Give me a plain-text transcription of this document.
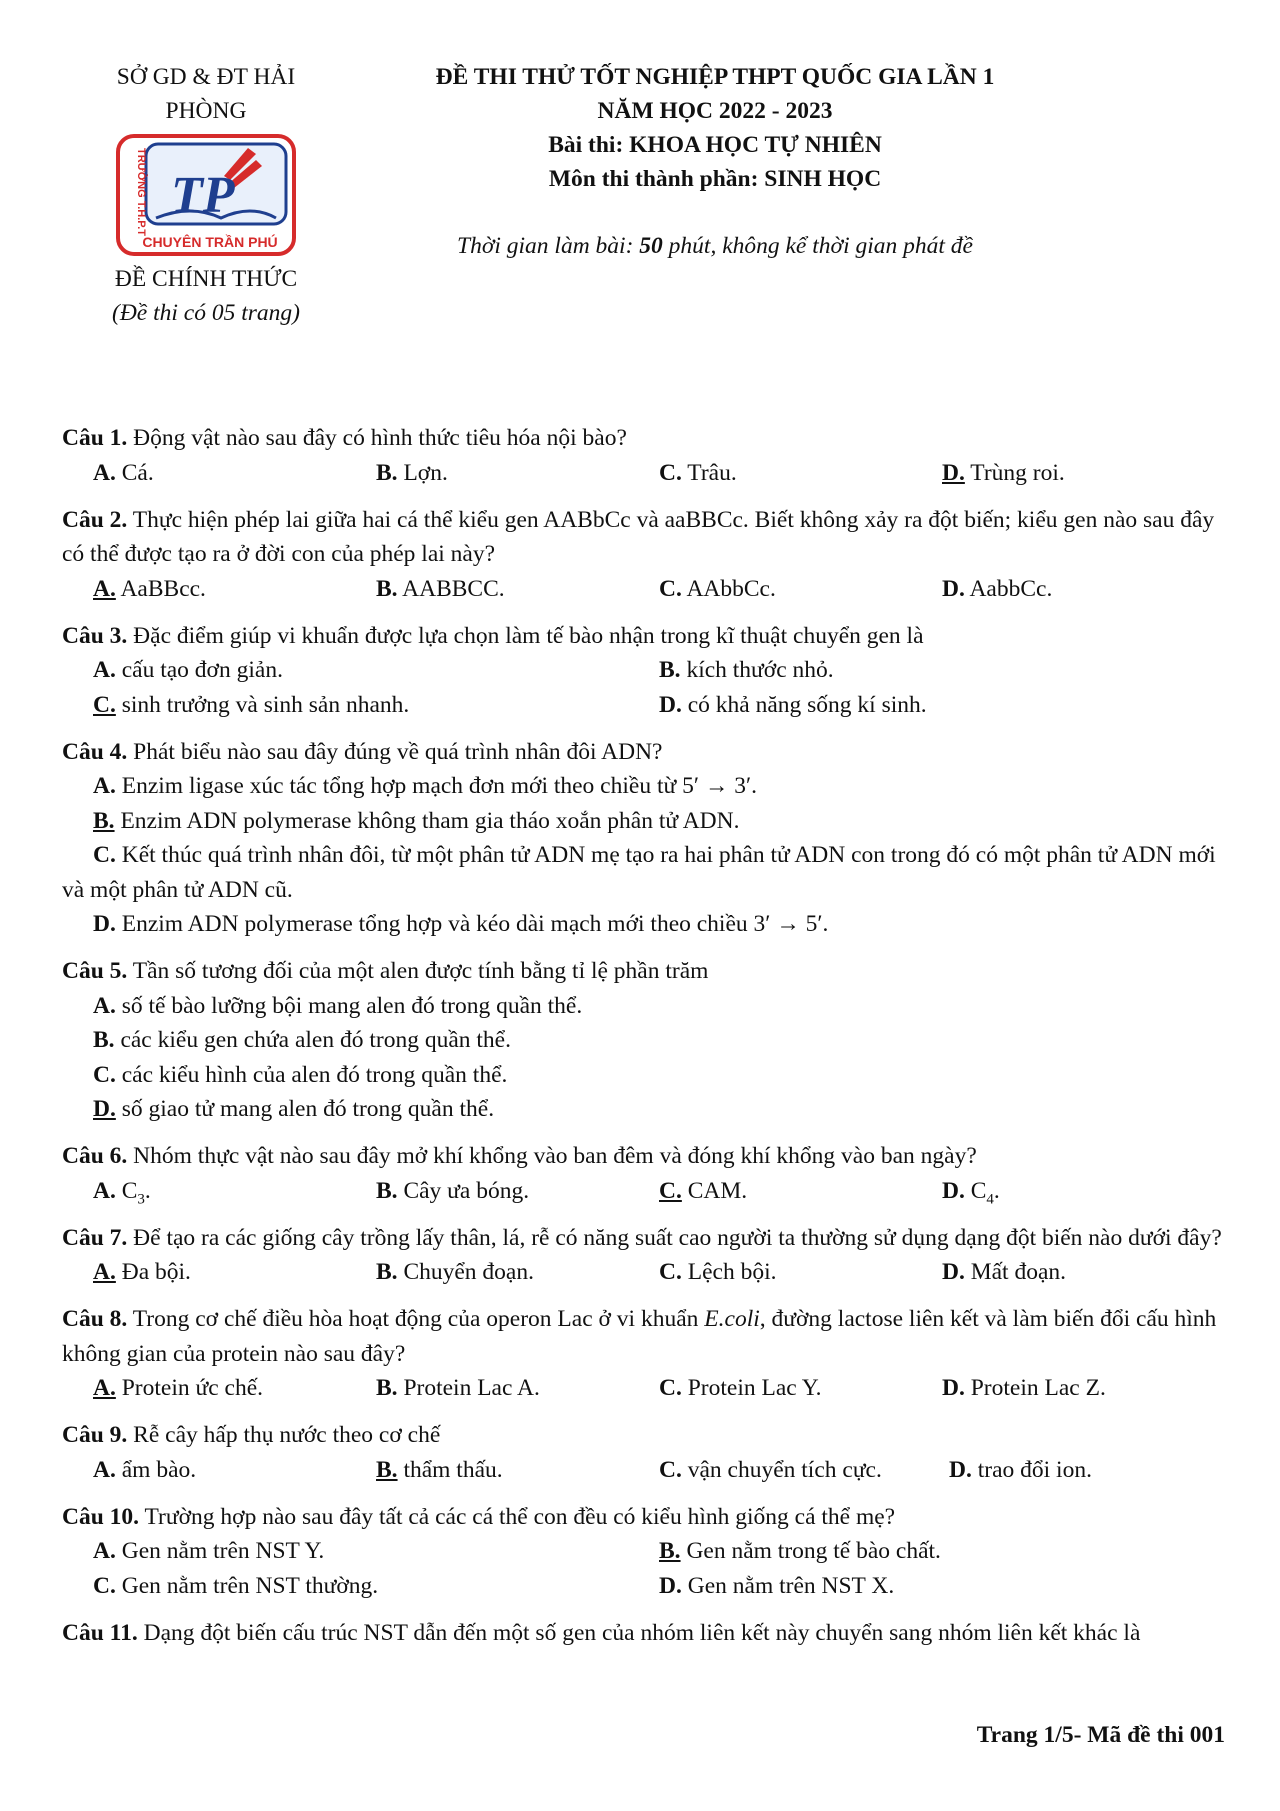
SỞ GD & ĐT HẢI
PHÒNG
TP
CHUYÊN TRẦN PHÚ
TRƯỜNG T.H.P.T
ĐỀ CHÍNH THỨC
(Đề thi có 05 trang)
ĐỀ THI THỬ TỐT NGHIỆP THPT QUỐC GIA LẦN 1
NĂM HỌC 2022 - 2023
Bài thi: KHOA HỌC TỰ NHIÊN
Môn thi thành phần: SINH HỌC
Thời gian làm bài: 50 phút, không kể thời gian phát đề
Câu 1. Động vật nào sau đây có hình thức tiêu hóa nội bào?
A. Cá.	B. Lợn.	C. Trâu.	D. Trùng roi.
Câu 2. Thực hiện phép lai giữa hai cá thể kiểu gen AABbCc và aaBBCc. Biết không xảy ra đột biến; kiểu gen nào sau đây có thể được tạo ra ở đời con của phép lai này?
A. AaBBcc.	B. AABBCC.	C. AAbbCc.	D. AabbCc.
Câu 3. Đặc điểm giúp vi khuẩn được lựa chọn làm tế bào nhận trong kĩ thuật chuyển gen là
A. cấu tạo đơn giản.	B. kích thước nhỏ.
C. sinh trưởng và sinh sản nhanh.	D. có khả năng sống kí sinh.
Câu 4. Phát biểu nào sau đây đúng về quá trình nhân đôi ADN?
A. Enzim ligase xúc tác tổng hợp mạch đơn mới theo chiều từ 5′ → 3′.
B. Enzim ADN polymerase không tham gia tháo xoắn phân tử ADN.
C. Kết thúc quá trình nhân đôi, từ một phân tử ADN mẹ tạo ra hai phân tử ADN con trong đó có một phân tử ADN mới và một phân tử ADN cũ.
D. Enzim ADN polymerase tổng hợp và kéo dài mạch mới theo chiều 3′ → 5′.
Câu 5. Tần số tương đối của một alen được tính bằng tỉ lệ phần trăm
A. số tế bào lưỡng bội mang alen đó trong quần thể.
B. các kiểu gen chứa alen đó trong quần thể.
C. các kiểu hình của alen đó trong quần thể.
D. số giao tử mang alen đó trong quần thể.
Câu 6. Nhóm thực vật nào sau đây mở khí khổng vào ban đêm và đóng khí khổng vào ban ngày?
A. $C_3$.	B. Cây ưa bóng.	C. CAM.	D. $C_4$.
Câu 7. Để tạo ra các giống cây trồng lấy thân, lá, rễ có năng suất cao người ta thường sử dụng dạng đột biến nào dưới đây?
A. Đa bội.	B. Chuyển đoạn.	C. Lệch bội.	D. Mất đoạn.
Câu 8. Trong cơ chế điều hòa hoạt động của operon Lac ở vi khuẩn E.coli, đường lactose liên kết và làm biến đổi cấu hình không gian của protein nào sau đây?
A. Protein ức chế.	B. Protein Lac A.	C. Protein Lac Y.	D. Protein Lac Z.
Câu 9. Rễ cây hấp thụ nước theo cơ chế
A. ẩm bào.	B. thẩm thấu.	C. vận chuyển tích cực.	D. trao đổi ion.
Câu 10. Trường hợp nào sau đây tất cả các cá thể con đều có kiểu hình giống cá thể mẹ?
A. Gen nằm trên NST Y.	B. Gen nằm trong tế bào chất.
C. Gen nằm trên NST thường.	D. Gen nằm trên NST X.
Câu 11. Dạng đột biến cấu trúc NST dẫn đến một số gen của nhóm liên kết này chuyển sang nhóm liên kết khác là
Trang 1/5- Mã đề thi 001
